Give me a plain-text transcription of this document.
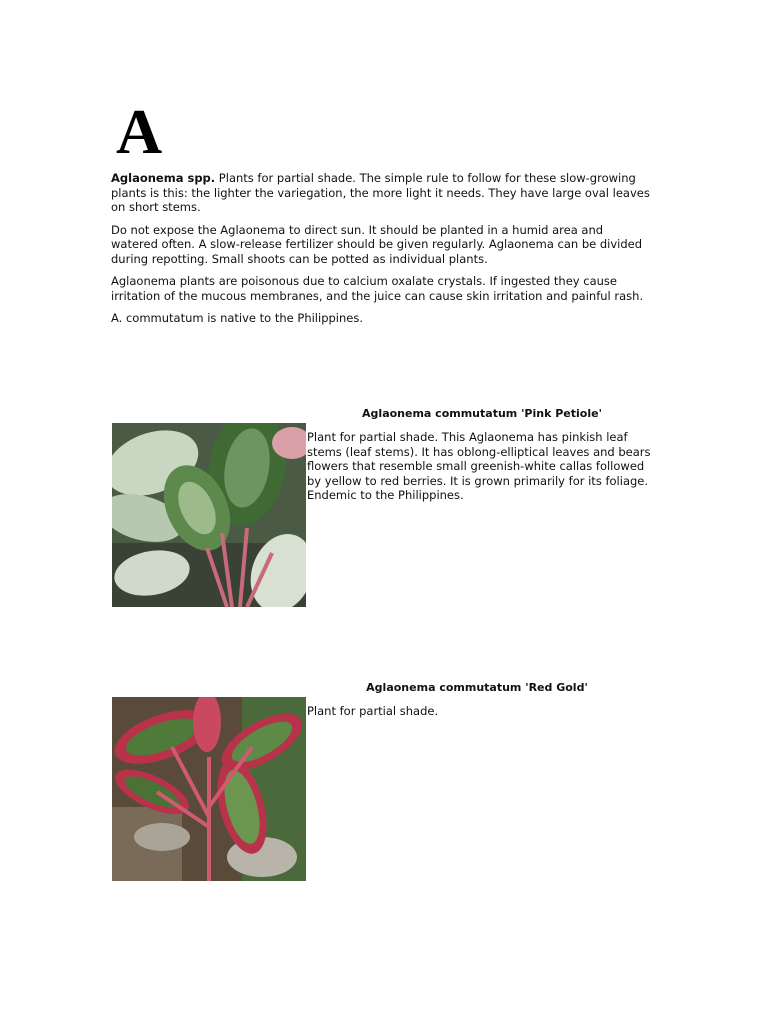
A

Aglaonema spp. Plants for partial shade. The simple rule to follow for these slow-growing plants is this: the lighter the variegation, the more light it needs. They have large oval leaves on short stems.

Do not expose the Aglaonema to direct sun. It should be planted in a humid area and watered often. A slow-release fertilizer should be given regularly. Aglaonema can be divided during repotting. Small shoots can be potted as individual plants.

Aglaonema plants are poisonous due to calcium oxalate crystals. If ingested they cause irritation of the mucous membranes, and the juice can cause skin irritation and painful rash.

A. commutatum is native to the Philippines.

Aglaonema commutatum 'Pink Petiole'
Plant for partial shade. This Aglaonema has pinkish leaf stems (leaf stems). It has oblong-elliptical leaves and bears flowers that resemble small greenish-white callas followed by yellow to red berries. It is grown primarily for its foliage. Endemic to the Philippines.
Aglaonema commutatum 'Red Gold'
Plant for partial shade.
